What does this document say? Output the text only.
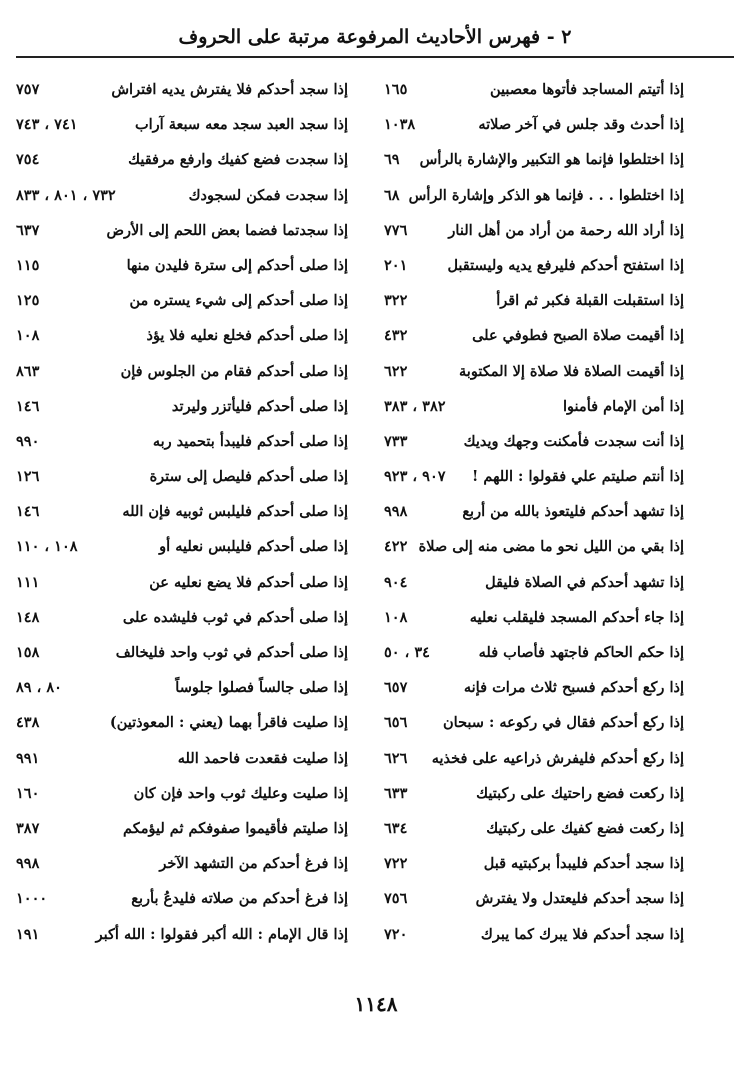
٢ - فهرس الأحاديث المرفوعة مرتبة على الحروف
إذا أتيتم المساجد فأتوها معصبين
١٦٥
إذا أحدث وقد جلس في آخر صلاته
١٠٣٨
إذا اختلطوا فإنما هو التكبير والإشارة بالرأس
٦٩
إذا اختلطوا . . . فإنما هو الذكر وإشارة الرأس
٦٨
إذا أراد الله رحمة من أراد من أهل النار
٧٧٦
إذا استفتح أحدكم فليرفع يديه وليستقبل
٢٠١
إذا استقبلت القبلة فكبر ثم اقرأ
٣٢٢
إذا أقيمت صلاة الصبح فطوفي على
٤٣٢
إذا أقيمت الصلاة فلا صلاة إلا المكتوبة
٦٢٢
إذا أمن الإمام فأمنوا
٣٨٢ ، ٣٨٣
إذا أنت سجدت فأمكنت وجهك ويديك
٧٣٣
إذا أنتم صليتم علي فقولوا : اللهم !
٩٠٧ ، ٩٢٣
إذا تشهد أحدكم فليتعوذ بالله من أربع
٩٩٨
إذا بقي من الليل نحو ما مضى منه إلى صلاة
٤٢٢
إذا تشهد أحدكم في الصلاة فليقل
٩٠٤
إذا جاء أحدكم المسجد فليقلب نعليه
١٠٨
إذا حكم الحاكم فاجتهد فأصاب فله
٣٤ ، ٥٠
إذا ركع أحدكم فسبح ثلاث مرات فإنه
٦٥٧
إذا ركع أحدكم فقال في ركوعه : سبحان
٦٥٦
إذا ركع أحدكم فليفرش ذراعيه على فخذيه
٦٢٦
إذا ركعت فضع راحتيك على ركبتيك
٦٣٣
إذا ركعت فضع كفيك على ركبتيك
٦٣٤
إذا سجد أحدكم فليبدأ بركبتيه قبل
٧٢٢
إذا سجد أحدكم فليعتدل ولا يفترش
٧٥٦
إذا سجد أحدكم فلا يبرك كما يبرك
٧٢٠
إذا سجد أحدكم فلا يفترش يديه افتراش
٧٥٧
إذا سجد العبد سجد معه سبعة آراب
٧٤١ ، ٧٤٣
إذا سجدت فضع كفيك وارفع مرفقيك
٧٥٤
إذا سجدت فمكن لسجودك
٧٣٢ ، ٨٠١ ، ٨٣٣
إذا سجدتما فضما بعض اللحم إلى الأرض
٦٣٧
إذا صلى أحدكم إلى سترة فليدن منها
١١٥
إذا صلى أحدكم إلى شيء يستره من
١٢٥
إذا صلى أحدكم فخلع نعليه فلا يؤذ
١٠٨
إذا صلى أحدكم فقام من الجلوس فإن
٨٦٣
إذا صلى أحدكم فليأتزر وليرتد
١٤٦
إذا صلى أحدكم فليبدأ بتحميد ربه
٩٩٠
إذا صلى أحدكم فليصل إلى سترة
١٢٦
إذا صلى أحدكم فليلبس ثوبيه فإن الله
١٤٦
إذا صلى أحدكم فليلبس نعليه أو
١٠٨ ، ١١٠
إذا صلى أحدكم فلا يضع نعليه عن
١١١
إذا صلى أحدكم في ثوب فليشده على
١٤٨
إذا صلى أحدكم في ثوب واحد فليخالف
١٥٨
إذا صلى جالساً فصلوا جلوساً
٨٠ ، ٨٩
إذا صليت فاقرأ بهما (يعني : المعوذتين)
٤٣٨
إذا صليت فقعدت فاحمد الله
٩٩١
إذا صليت وعليك ثوب واحد فإن كان
١٦٠
إذا صليتم فأقيموا صفوفكم ثم ليؤمكم
٣٨٧
إذا فرغ أحدكم من التشهد الآخر
٩٩٨
إذا فرغ أحدكم من صلاته فليدعُ بأربع
١٠٠٠
إذا قال الإمام : الله أكبر فقولوا : الله أكبر
١٩١
١١٤٨
